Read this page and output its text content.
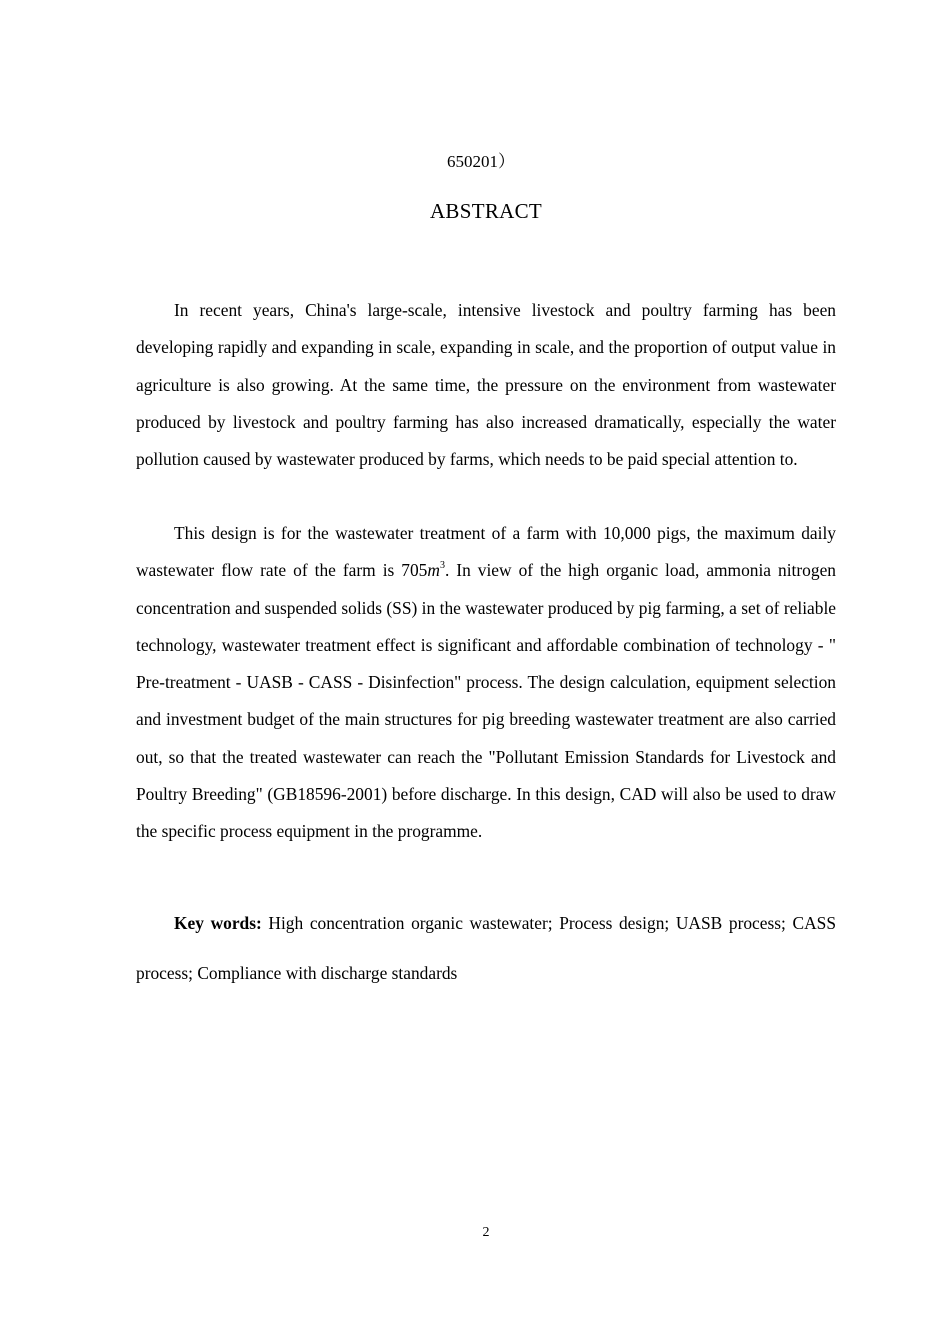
650201）
ABSTRACT

In recent years, China's large-scale, intensive livestock and poultry farming has been developing rapidly and expanding in scale, expanding in scale, and the proportion of output value in agriculture is also growing. At the same time, the pressure on the environment from wastewater produced by livestock and poultry farming has also increased dramatically, especially the water pollution caused by wastewater produced by farms, which needs to be paid special attention to.

This design is for the wastewater treatment of a farm with 10,000 pigs, the maximum daily wastewater flow rate of the farm is $705m^3$. In view of the high organic load, ammonia nitrogen concentration and suspended solids (SS) in the wastewater produced by pig farming, a set of reliable technology, wastewater treatment effect is significant and affordable combination of technology - " Pre-treatment - UASB - CASS - Disinfection" process. The design calculation, equipment selection and investment budget of the main structures for pig breeding wastewater treatment are also carried out, so that the treated wastewater can reach the "Pollutant Emission Standards for Livestock and Poultry Breeding" (GB18596-2001) before discharge. In this design, CAD will also be used to draw the specific process equipment in the programme.

Key words: High concentration organic wastewater; Process design; UASB process; CASS process; Compliance with discharge standards
2
